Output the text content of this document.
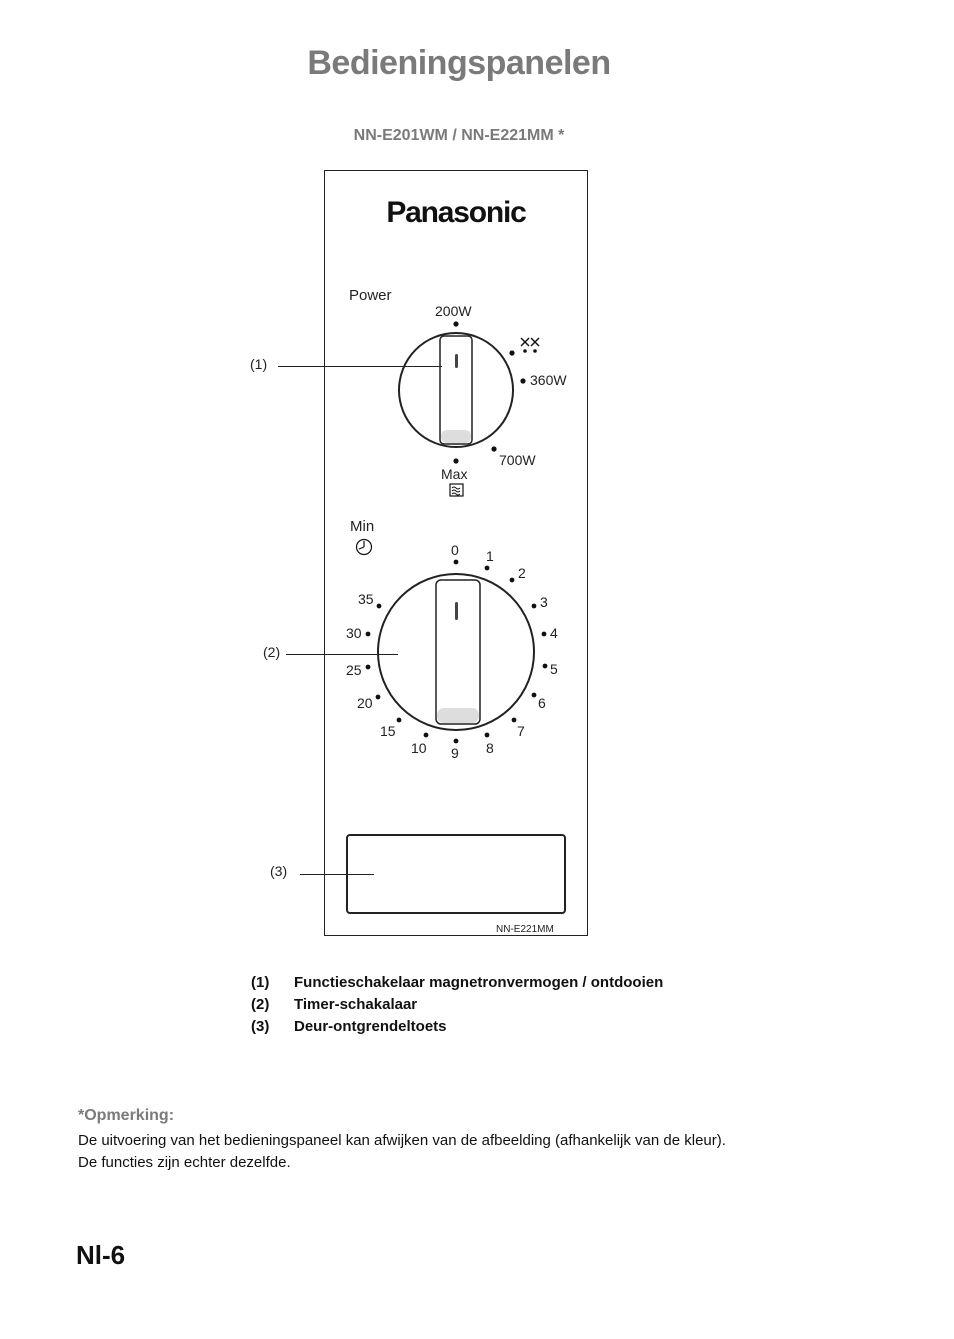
Bedieningspanelen
NN-E201WM / NN-E221MM *
Panasonic
Power
200W
360W
700W
Max
Min
0 1
2
3
4
5
6
7
8
9
10
15
20
25
30
35
(1)
(2)
(3)
NN-E221MM
(1)	Functieschakelaar magnetronvermogen / ontdooien
(2)	Timer-schakalaar
(3)	Deur-ontgrendeltoets
*Opmerking:
De uitvoering van het bedieningspaneel kan afwijken van de afbeelding (afhankelijk van de kleur).
De functies zijn echter dezelfde.
Nl-6
